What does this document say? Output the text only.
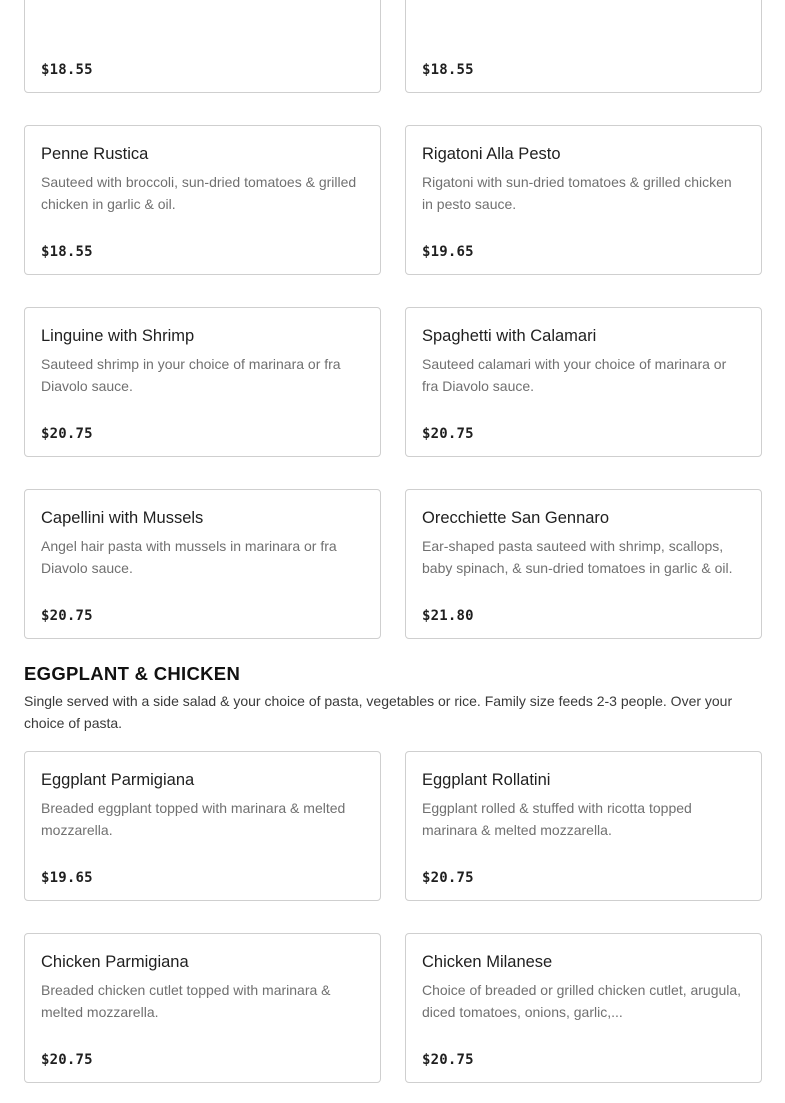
$18.55	$18.55
Penne Rustica
Sauteed with broccoli, sun-dried tomatoes & grilled chicken in garlic & oil.
$18.55
Rigatoni Alla Pesto
Rigatoni with sun-dried tomatoes & grilled chicken in pesto sauce.
$19.65
Linguine with Shrimp
Sauteed shrimp in your choice of marinara or fra Diavolo sauce.
$20.75
Spaghetti with Calamari
Sauteed calamari with your choice of marinara or fra Diavolo sauce.
$20.75
Capellini with Mussels
Angel hair pasta with mussels in marinara or fra Diavolo sauce.
$20.75
Orecchiette San Gennaro
Ear-shaped pasta sauteed with shrimp, scallops, baby spinach, & sun-dried tomatoes in garlic & oil.
$21.80
EGGPLANT & CHICKEN

Single served with a side salad & your choice of pasta, vegetables or rice. Family size feeds 2-3 people. Over your choice of pasta.

Eggplant Parmigiana
Breaded eggplant topped with marinara & melted mozzarella.
$19.65
Eggplant Rollatini
Eggplant rolled & stuffed with ricotta topped marinara & melted mozzarella.
$20.75
Chicken Parmigiana
Breaded chicken cutlet topped with marinara & melted mozzarella.
$20.75
Chicken Milanese
Choice of breaded or grilled chicken cutlet, arugula, diced tomatoes, onions, garlic,...
$20.75
